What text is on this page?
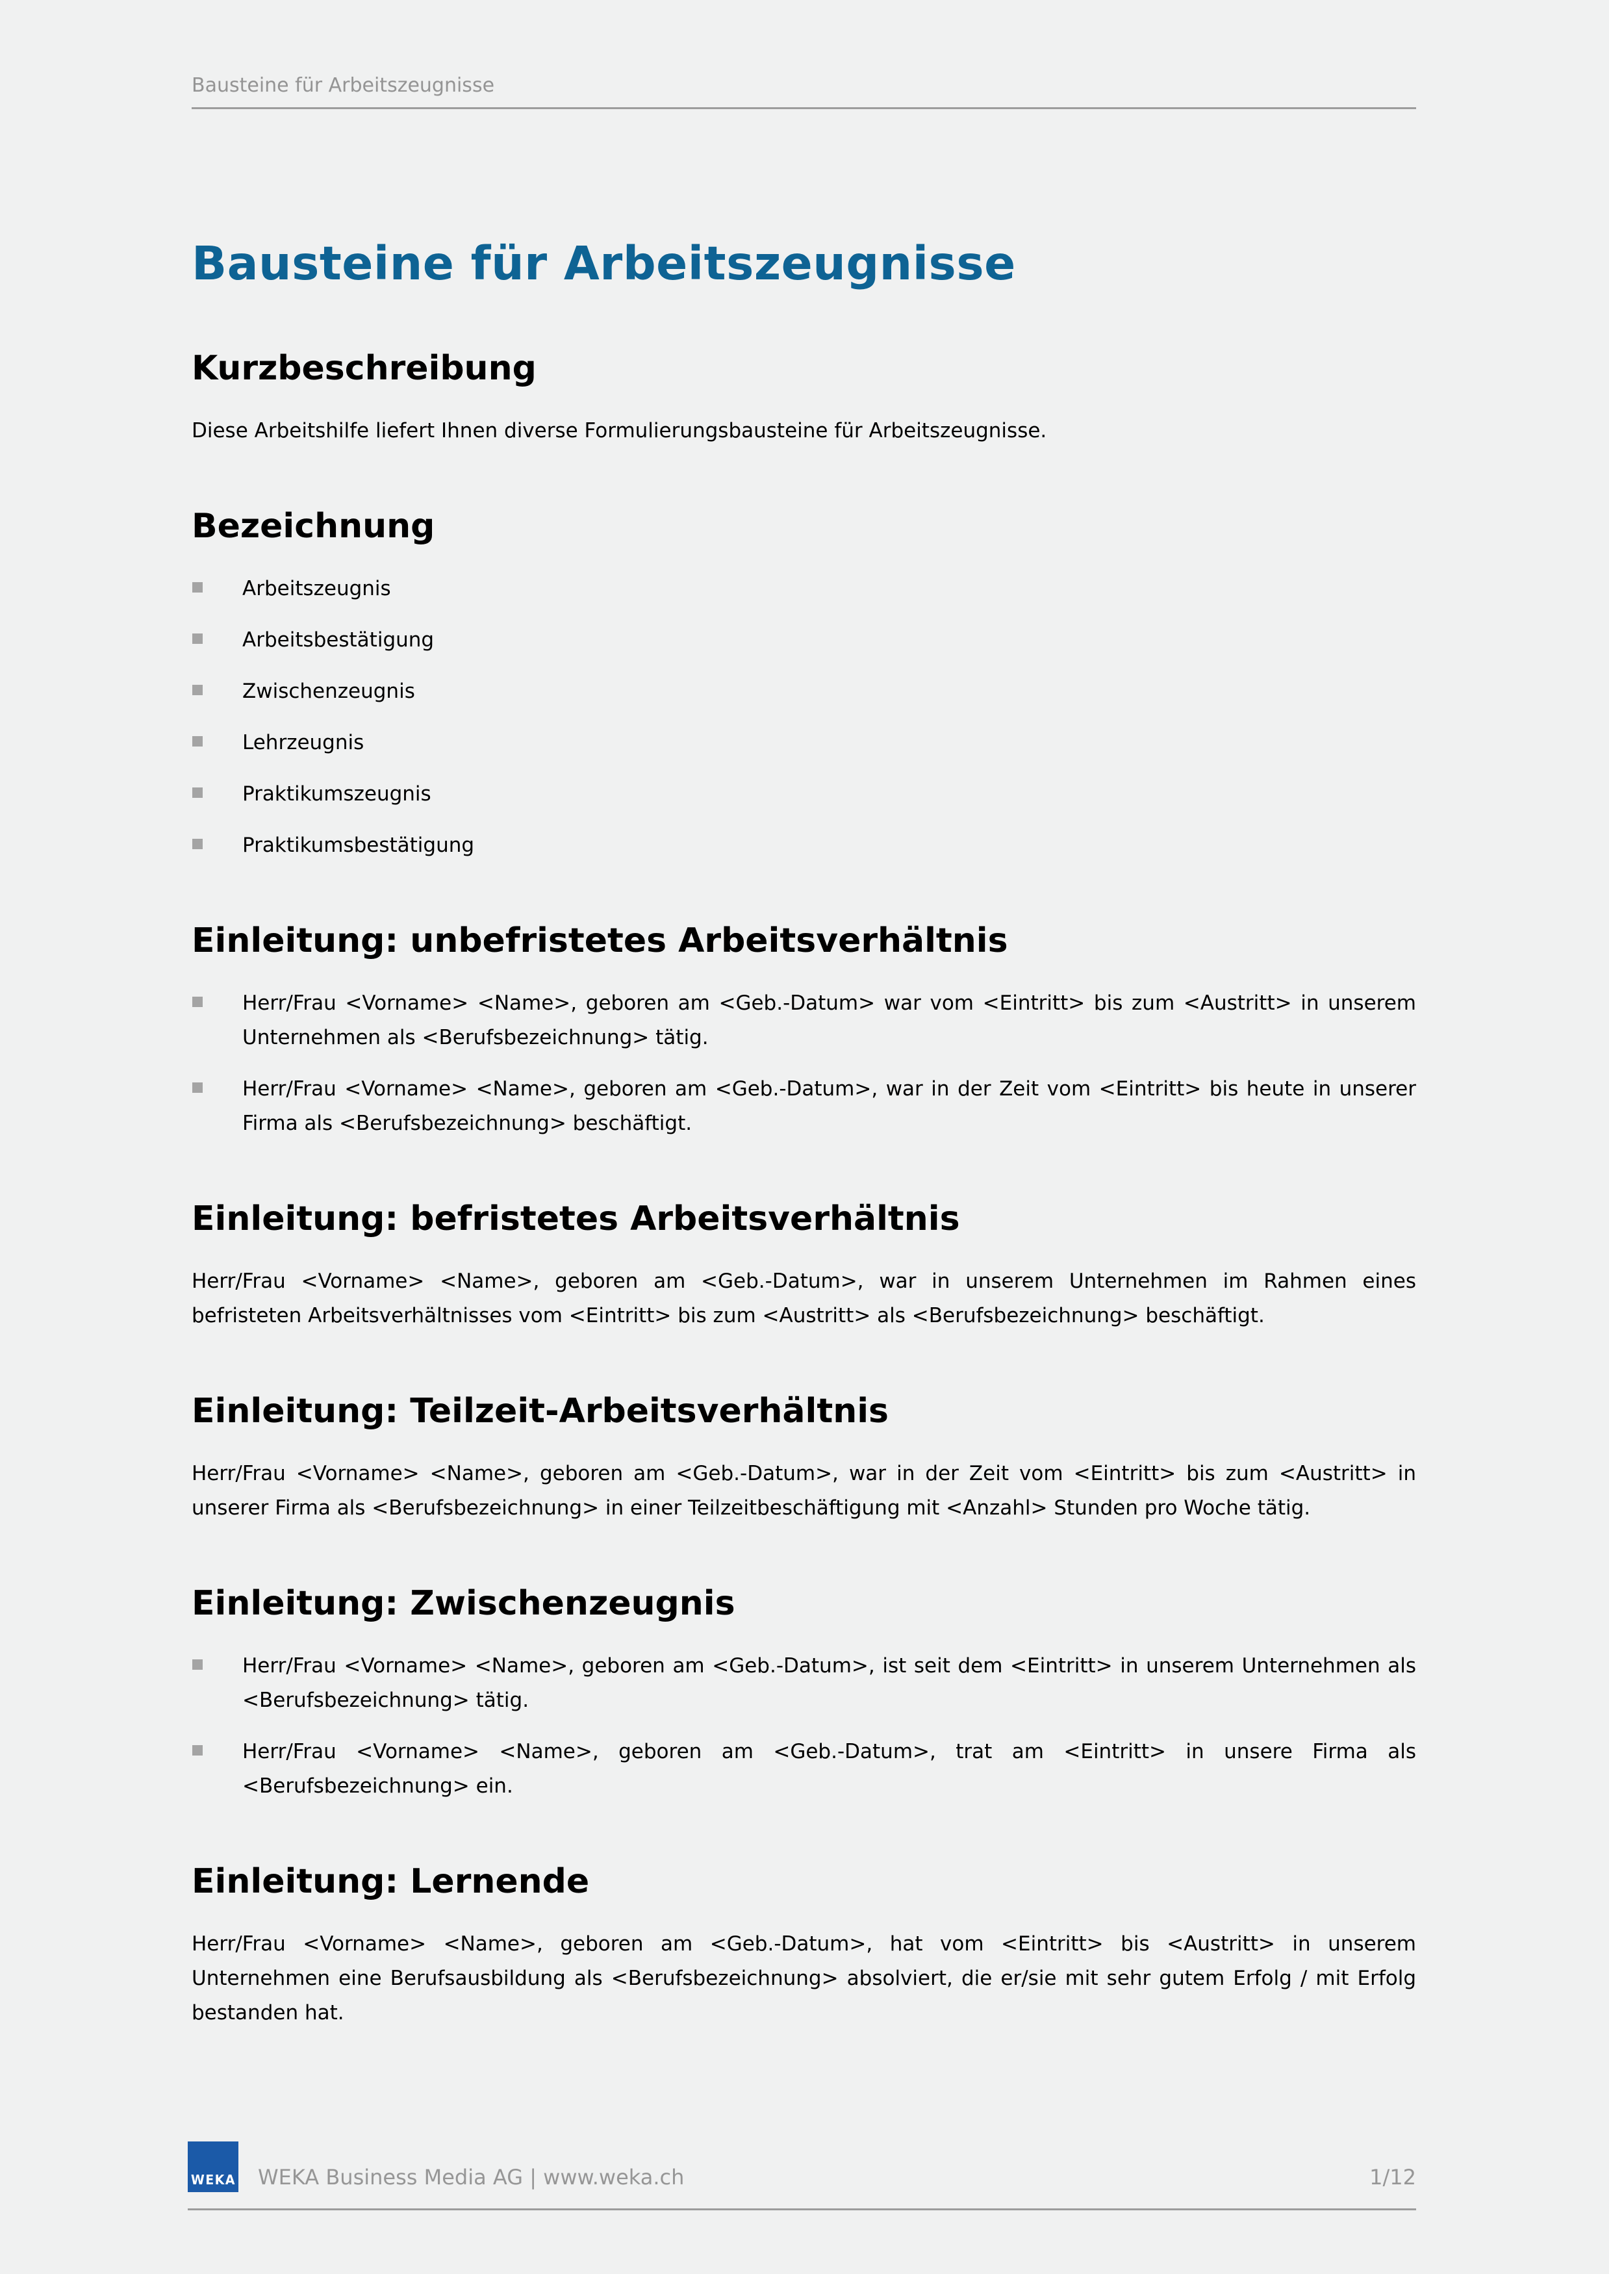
Bausteine für Arbeitszeugnisse
Bausteine für Arbeitszeugnisse
Kurzbeschreibung

Diese Arbeitshilfe liefert Ihnen diverse Formulierungsbausteine für Arbeitszeugnisse.

Bezeichnung
Arbeitszeugnis
Arbeitsbestätigung
Zwischenzeugnis
Lehrzeugnis
Praktikumszeugnis
Praktikumsbestätigung
Einleitung: unbefristetes Arbeitsverhältnis
Herr/Frau <Vorname> <Name>, geboren am <Geb.-Datum> war vom <Eintritt> bis zum <Austritt> in unserem Unternehmen als <Berufsbezeichnung> tätig.
Herr/Frau <Vorname> <Name>, geboren am <Geb.-Datum>, war in der Zeit vom <Eintritt> bis heute in unserer Firma als <Berufsbezeichnung> beschäftigt.
Einleitung: befristetes Arbeitsverhältnis

Herr/Frau <Vorname> <Name>, geboren am <Geb.-Datum>, war in unserem Unternehmen im Rahmen eines befristeten Arbeitsverhältnisses vom <Eintritt> bis zum <Austritt> als <Berufsbezeichnung> beschäftigt.

Einleitung: Teilzeit-Arbeitsverhältnis

Herr/Frau <Vorname> <Name>, geboren am <Geb.-Datum>, war in der Zeit vom <Eintritt> bis zum <Austritt> in unserer Firma als <Berufsbezeichnung> in einer Teilzeitbeschäftigung mit <Anzahl> Stunden pro Woche tätig.

Einleitung: Zwischenzeugnis
Herr/Frau <Vorname> <Name>, geboren am <Geb.-Datum>, ist seit dem <Eintritt> in unserem Unternehmen als <Berufsbezeichnung> tätig.
Herr/Frau <Vorname> <Name>, geboren am <Geb.-Datum>, trat am <Eintritt> in unsere Firma als <Berufsbezeichnung> ein.
Einleitung: Lernende

Herr/Frau <Vorname> <Name>, geboren am <Geb.-Datum>, hat vom <Eintritt> bis <Austritt> in unserem Unternehmen eine Berufsausbildung als <Berufsbezeichnung> absolviert, die er/sie mit sehr gutem Erfolg / mit Erfolg bestanden hat.

WEKA WEKA Business Media AG | www.weka.ch	1/12
